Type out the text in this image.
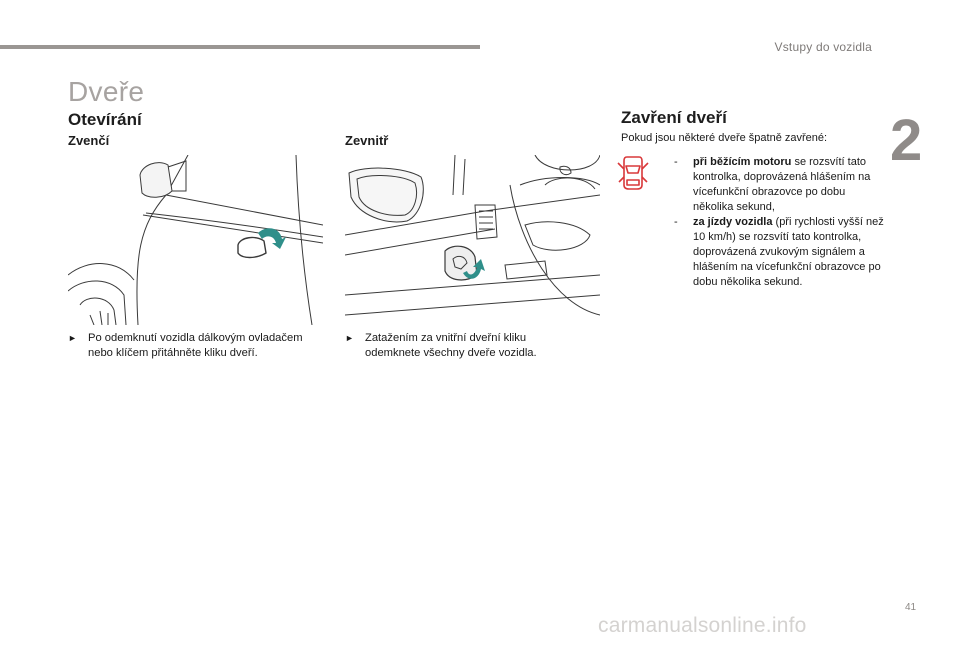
Vstupy do vozidla
2
Dveře
Otevírání
Zvenčí	Zevnitř
Zavření dveří
► Po odemknutí vozidla dálkovým ovladačem nebo klíčem přitáhněte kliku dveří.
► Zatažením za vnitřní dveřní kliku odemknete všechny dveře vozidla.
Pokud jsou některé dveře špatně zavřené:
- při běžícím motoru se rozsvítí tato kontrolka, doprovázená hlášením na vícefunkční obrazovce po dobu několika sekund,
- za jízdy vozidla (při rychlosti vyšší než 10 km/h) se rozsvítí tato kontrolka, doprovázená zvukovým signálem a hlášením na vícefunkční obrazovce po dobu několika sekund.
41
carmanualsonline.info
